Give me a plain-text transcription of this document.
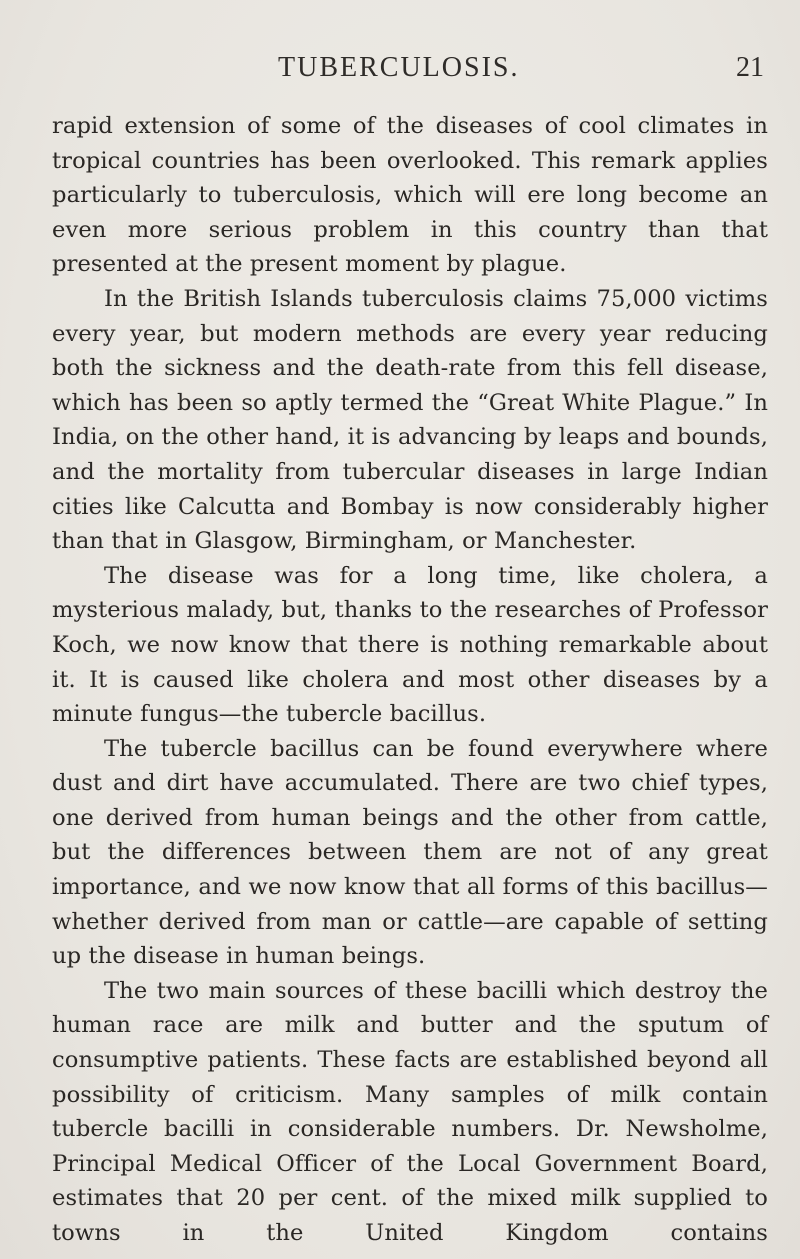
TUBERCULOSIS.	21

rapid extension of some of the diseases of cool climates in tropical countries has been overlooked. This remark applies particularly to tuberculosis, which will ere long become an even more serious problem in this country than that presented at the present moment by plague.

In the British Islands tuberculosis claims 75,000 victims every year, but modern methods are every year reducing both the sickness and the death-rate from this fell disease, which has been so aptly termed the “Great White Plague.” In India, on the other hand, it is advancing by leaps and bounds, and the mortality from tubercular diseases in large Indian cities like Calcutta and Bombay is now considerably higher than that in Glasgow, Birmingham, or Manchester.

The disease was for a long time, like cholera, a mysterious malady, but, thanks to the researches of Professor Koch, we now know that there is nothing remarkable about it. It is caused like cholera and most other diseases by a minute fungus—the tubercle bacillus.

The tubercle bacillus can be found everywhere where dust and dirt have accumulated. There are two chief types, one derived from human beings and the other from cattle, but the differences between them are not of any great importance, and we now know that all forms of this bacillus—whether derived from man or cattle—are capable of setting up the disease in human beings.

The two main sources of these bacilli which destroy the human race are milk and butter and the sputum of consumptive patients. These facts are established beyond all possibility of criticism. Many samples of milk contain tubercle bacilli in considerable numbers. Dr. Newsholme, Principal Medical Officer of the Local Government Board, estimates that 20 per cent. of the mixed milk supplied to towns in the United Kingdom contains
